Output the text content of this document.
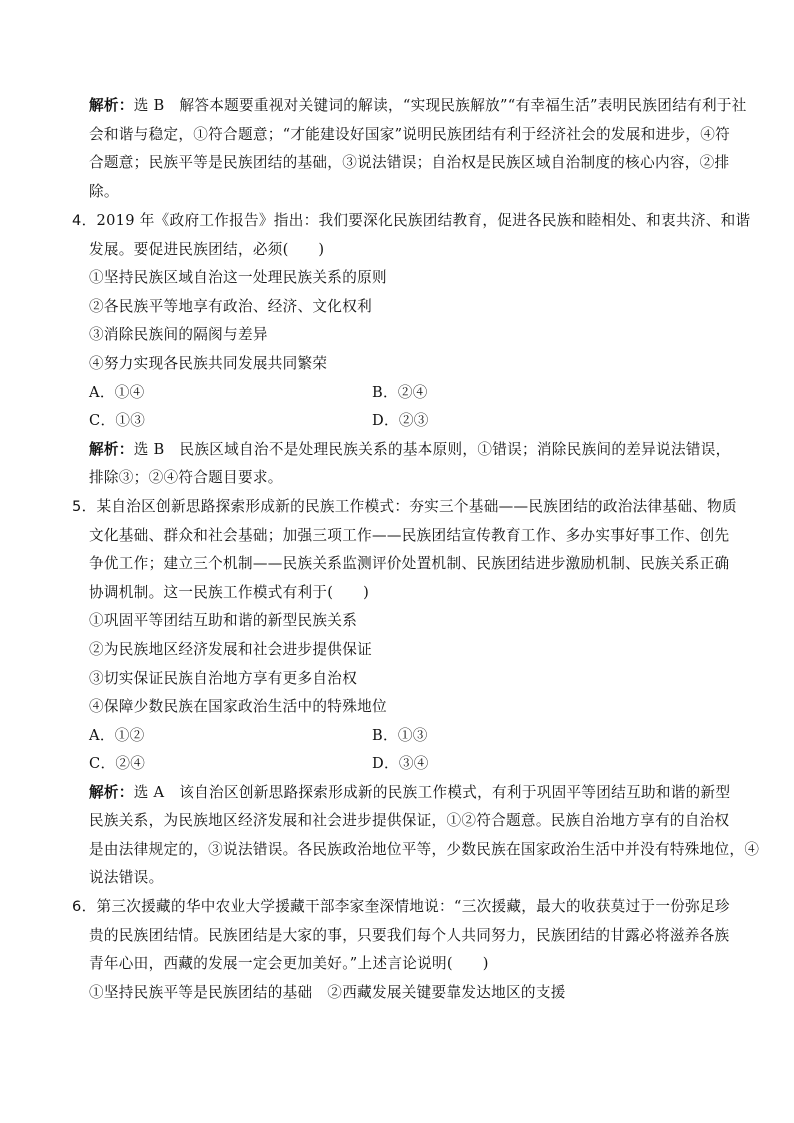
解析：选 B　 解答本题要重视对关键词的解读，“实现民族解放”“有幸福生活”表明民族团结有利于社
会和谐与稳定，①符合题意；“才能建设好国家”说明民族团结有利于经济社会的发展和进步，④符
合题意；民族平等是民族团结的基础，③说法错误；自治权是民族区域自治制度的核心内容，②排
除。
4．2019 年《政府工作报告》指出：我们要深化民族团结教育，促进各民族和睦相处、和衷共济、和谐
发展。要促进民族团结，必须(　　)
①坚持民族区域自治这一处理民族关系的原则
②各民族平等地享有政治、经济、文化权利
③消除民族间的隔阂与差异
④努力实现各民族共同发展共同繁荣
A．①④	B．②④
C．①③	D．②③
解析：选 B　 民族区域自治不是处理民族关系的基本原则，①错误；消除民族间的差异说法错误，
排除③；②④符合题目要求。
5．某自治区创新思路探索形成新的民族工作模式：夯实三个基础——民族团结的政治法律基础、物质
文化基础、群众和社会基础；加强三项工作——民族团结宣传教育工作、多办实事好事工作、创先
争优工作；建立三个机制——民族关系监测评价处置机制、民族团结进步激励机制、民族关系正确
协调机制。这一民族工作模式有利于(　　)
①巩固平等团结互助和谐的新型民族关系
②为民族地区经济发展和社会进步提供保证
③切实保证民族自治地方享有更多自治权
④保障少数民族在国家政治生活中的特殊地位
A．①②	B．①③
C．②④	D．③④
解析：选 A　 该自治区创新思路探索形成新的民族工作模式，有利于巩固平等团结互助和谐的新型
民族关系，为民族地区经济发展和社会进步提供保证，①②符合题意。民族自治地方享有的自治权
是由法律规定的，③说法错误。各民族政治地位平等，少数民族在国家政治生活中并没有特殊地位，④
说法错误。
6．第三次援藏的华中农业大学援藏干部李家奎深情地说：“三次援藏，最大的收获莫过于一份弥足珍
贵的民族团结情。民族团结是大家的事，只要我们每个人共同努力，民族团结的甘露必将滋养各族
青年心田，西藏的发展一定会更加美好。”上述言论说明(　　)
①坚持民族平等是民族团结的基础　②西藏发展关键要靠发达地区的支援
